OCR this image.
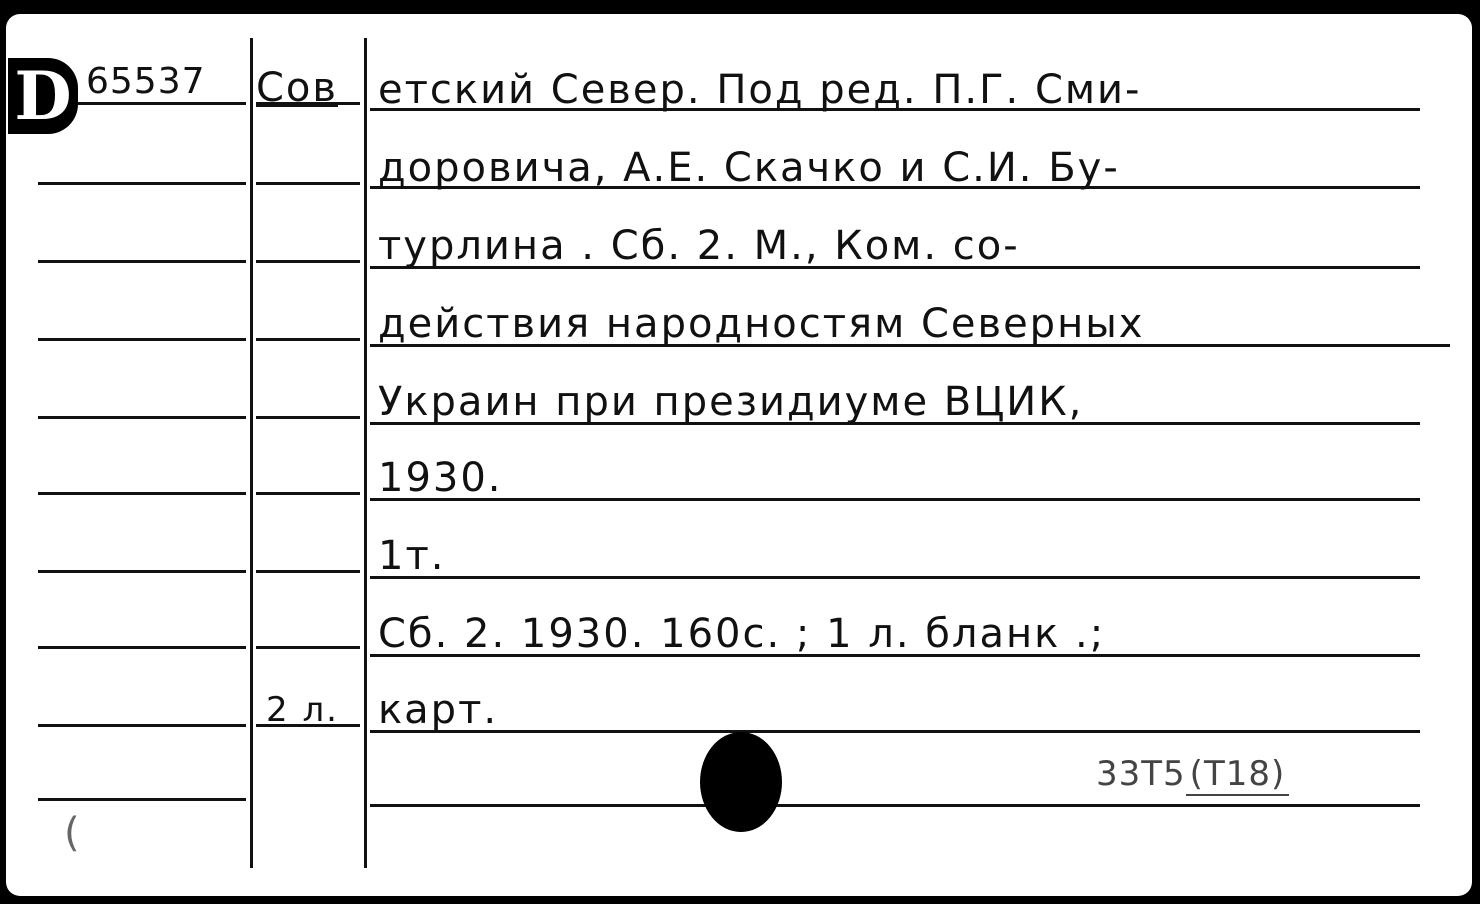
D 65537 Сов етский Север. Под ред. П.Г. Сми-
доровича, А.Е. Скачко и С.И. Бу-
турлина . Сб. 2. М., Ком. со-
действия народностям Северных
Украин при президиуме ВЦИК,
1930.
1т.
Сб. 2. 1930. 160с. ; 1 л. бланк .;
2 л. карт.
33Т5 (Т18)
(
